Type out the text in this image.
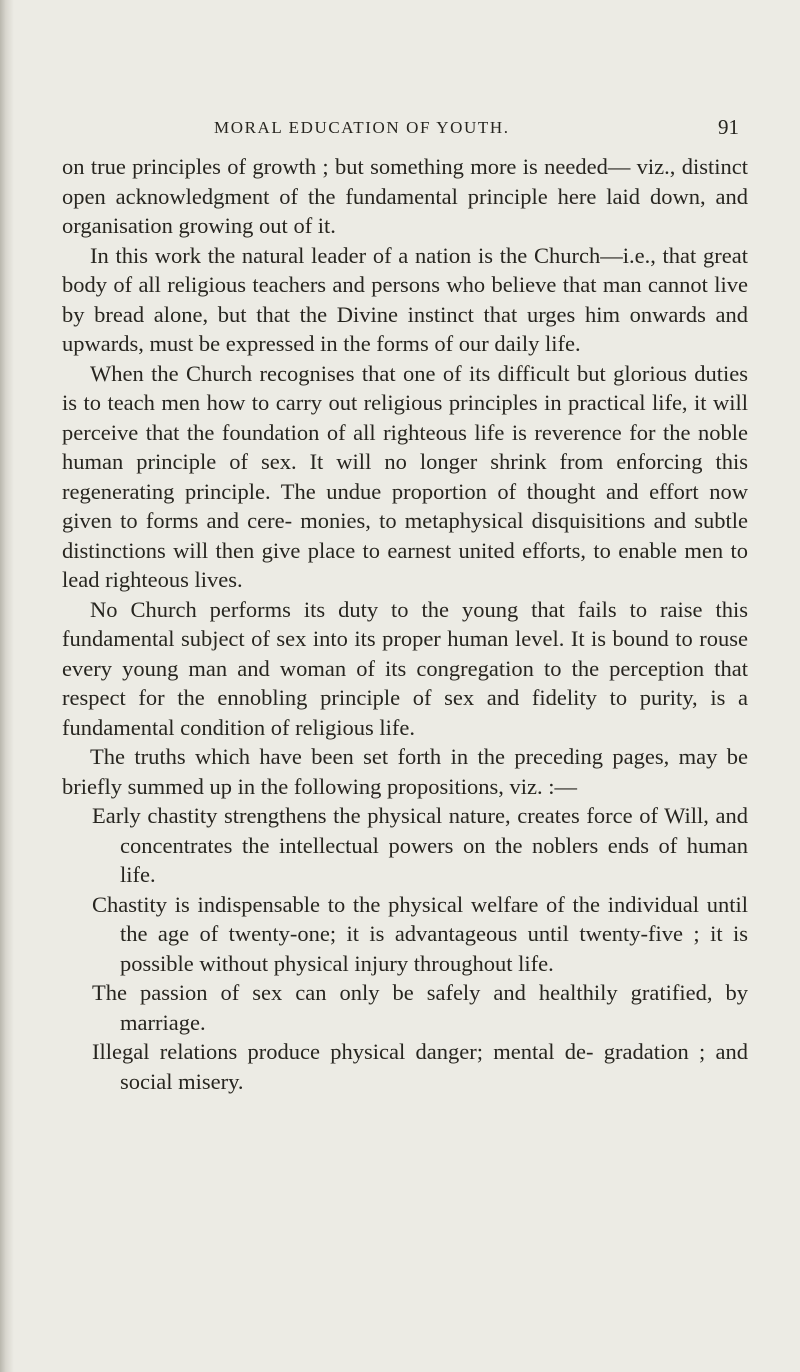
MORAL EDUCATION OF YOUTH.	91

on true principles of growth ; but something more is needed— viz., distinct open acknowledgment of the fundamental principle here laid down, and organisation growing out of it.

In this work the natural leader of a nation is the Church—i.e., that great body of all religious teachers and persons who believe that man cannot live by bread alone, but that the Divine instinct that urges him onwards and upwards, must be expressed in the forms of our daily life.

When the Church recognises that one of its difficult but glorious duties is to teach men how to carry out religious principles in practical life, it will perceive that the foundation of all righteous life is reverence for the noble human principle of sex. It will no longer shrink from enforcing this regenerating principle. The undue proportion of thought and effort now given to forms and cere- monies, to metaphysical disquisitions and subtle distinctions will then give place to earnest united efforts, to enable men to lead righteous lives.

No Church performs its duty to the young that fails to raise this fundamental subject of sex into its proper human level. It is bound to rouse every young man and woman of its congregation to the perception that respect for the ennobling principle of sex and fidelity to purity, is a fundamental condition of religious life.

The truths which have been set forth in the preceding pages, may be briefly summed up in the following propositions, viz. :—

Early chastity strengthens the physical nature, creates force of Will, and concentrates the intellectual powers on the noblers ends of human life.
Chastity is indispensable to the physical welfare of the individual until the age of twenty-one; it is advantageous until twenty-five ; it is possible without physical injury throughout life.
The passion of sex can only be safely and healthily gratified, by marriage.
Illegal relations produce physical danger; mental de- gradation ; and social misery.
